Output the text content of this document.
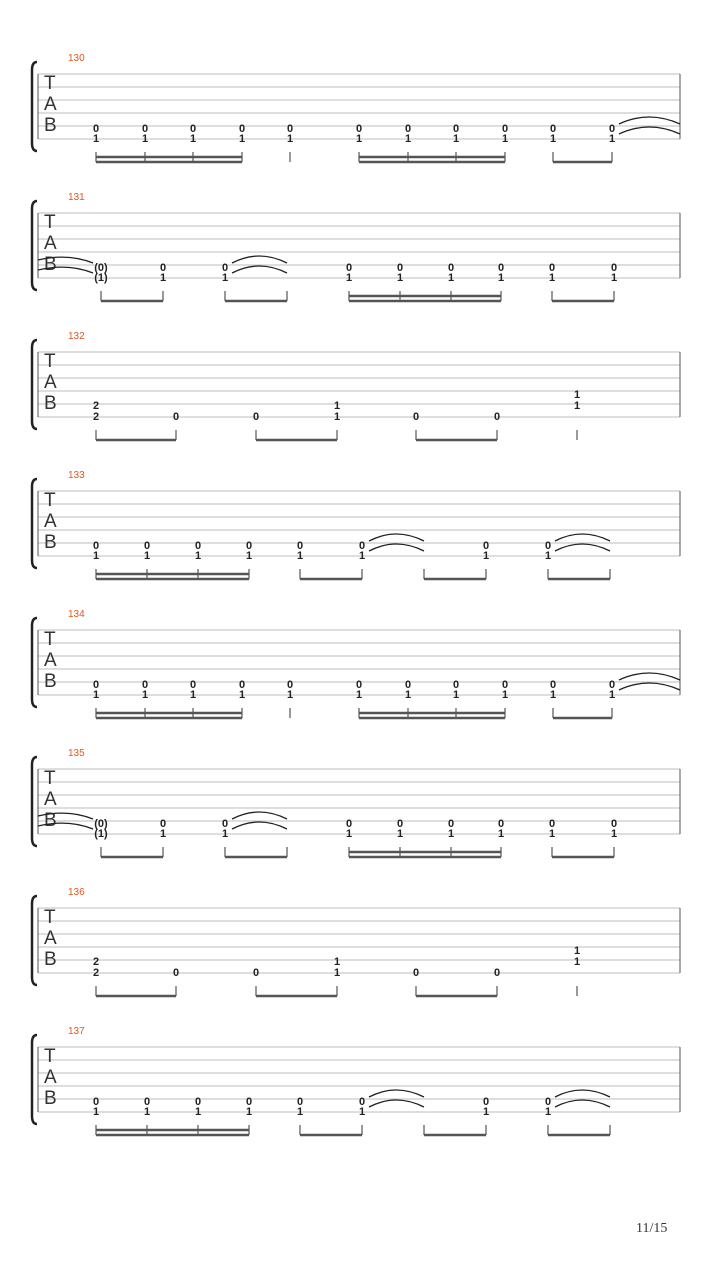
130
T
A
B	0
1
0
1
0
1
0
1
0
1
0
1
0
1
0
1
0
1
0
1
0
1
131
T
A
B	(0)
(1)
0
1
0
1
0
1
0
1
0
1
0
1
0
1
0
1
132
T
A
B	2
2	0	0
1
1	0	0
1
1
133
T
A
B	0
1
0
1
0
1
0
1
0
1
0
1
0
1
0
1
134
T
A
B	0
1
0
1
0
1
0
1
0
1
0
1
0
1
0
1
0
1
0
1
0
1
135
T
A
B	(0)
(1)
0
1
0
1
0
1
0
1
0
1
0
1
0
1
0
1
136
T
A
B	2
2	0	0
1
1	0	0
1
1
137
T
A
B	0
1
0
1
0
1
0
1
0
1
0
1
0
1
0
1
11/15
